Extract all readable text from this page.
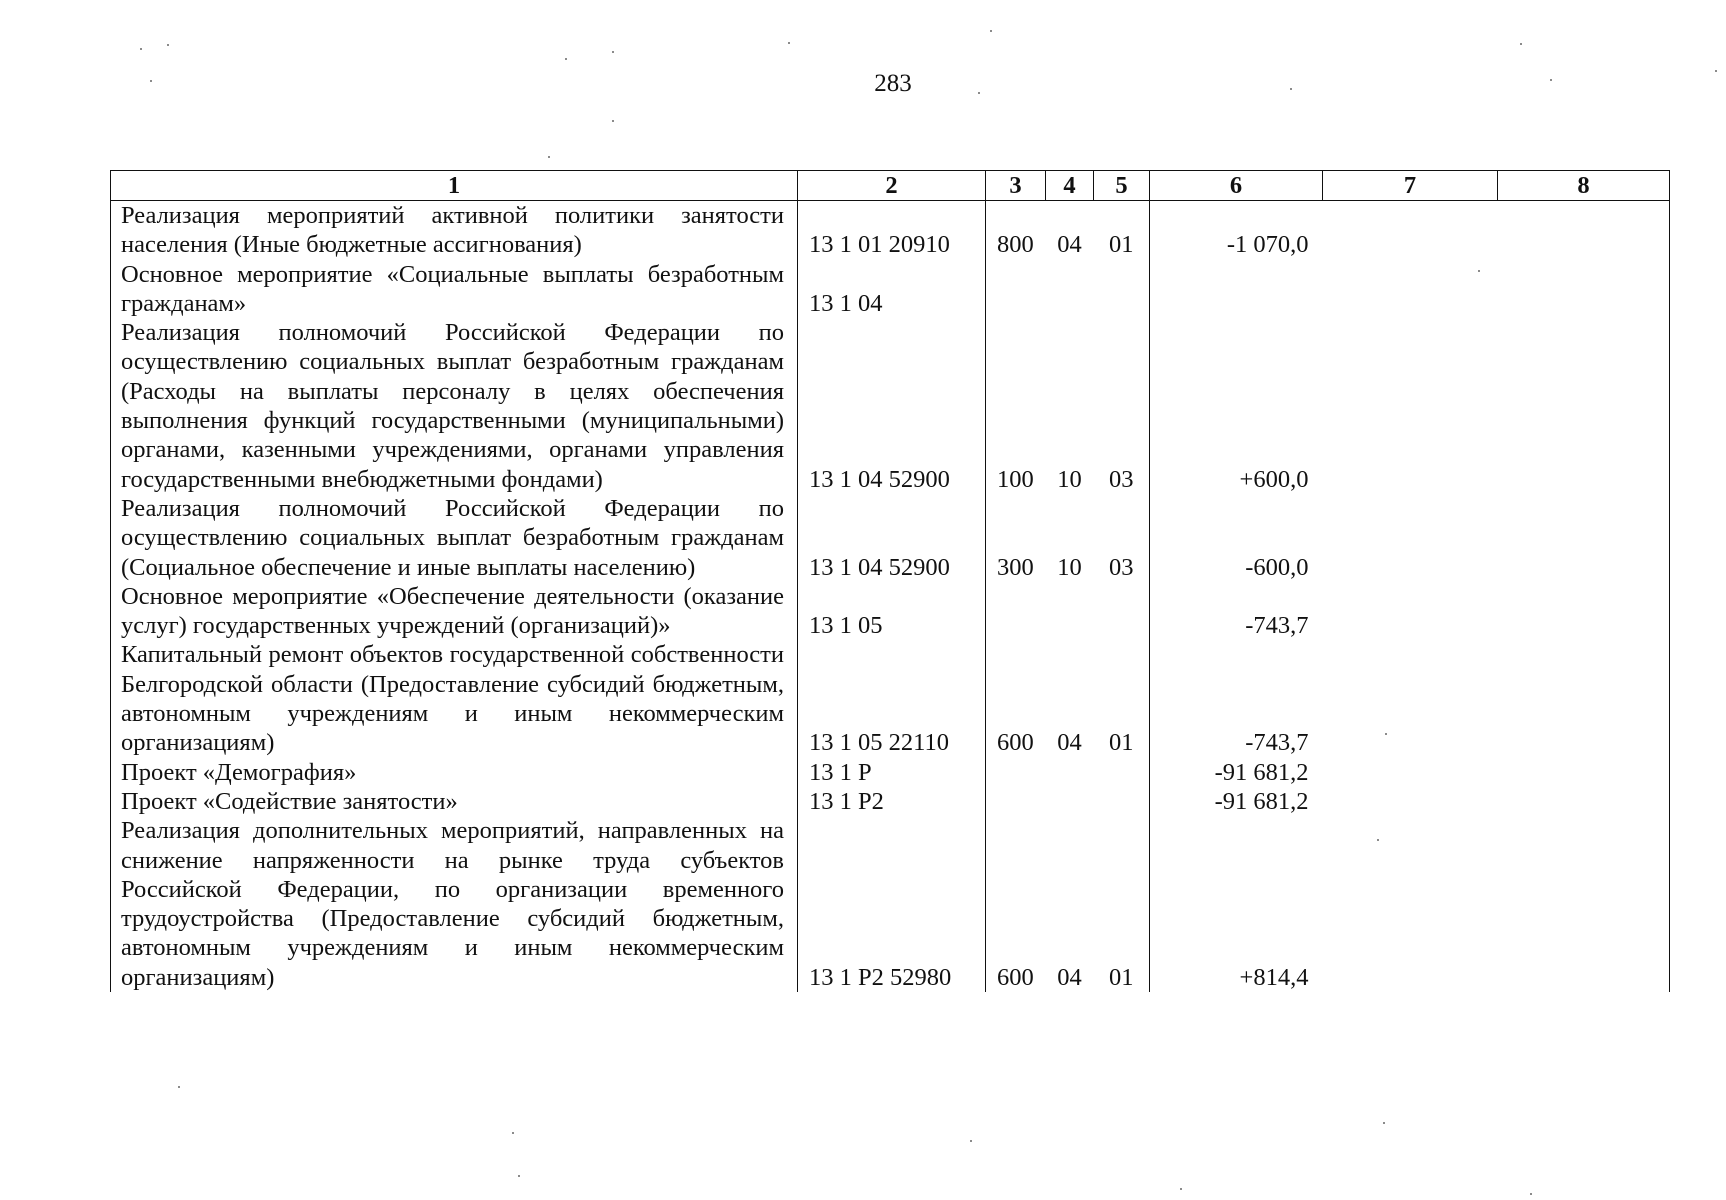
283
1	2	3	4	5	6	7	8
Реализация мероприятий активной политики занятости населения (Иные бюджетные ассигнования)	13 1 01 20910	800	04	01	-1 070,0		
Основное мероприятие «Социальные выплаты безработным гражданам»	13 1 04						
Реализация полномочий Российской Федерации по осуществлению социальных выплат безработным гражданам (Расходы на выплаты персоналу в целях обеспечения выполнения функций государственными (муниципальными) органами, казенными учреждениями, органами управления государственными внебюджетными фондами)	13 1 04 52900	100	10	03	+600,0		
Реализация полномочий Российской Федерации по осуществлению социальных выплат безработным гражданам (Социальное обеспечение и иные выплаты населению)	13 1 04 52900	300	10	03	-600,0		
Основное мероприятие «Обеспечение деятельности (оказание услуг) государственных учреждений (организаций)»	13 1 05				-743,7		
Капитальный ремонт объектов государственной собственности Белгородской области (Предоставление субсидий бюджетным, автономным учреждениям и иным некоммерческим организациям)	13 1 05 22110	600	04	01	-743,7		
Проект «Демография»	13 1 P				-91 681,2		
Проект «Содействие занятости»	13 1 P2				-91 681,2		
Реализация дополнительных мероприятий, направленных на снижение напряженности на рынке труда субъектов Российской Федерации, по организации временного трудоустройства (Предоставление субсидий бюджетным, автономным учреждениям и иным некоммерческим организациям)	13 1 P2 52980	600	04	01	+814,4		
